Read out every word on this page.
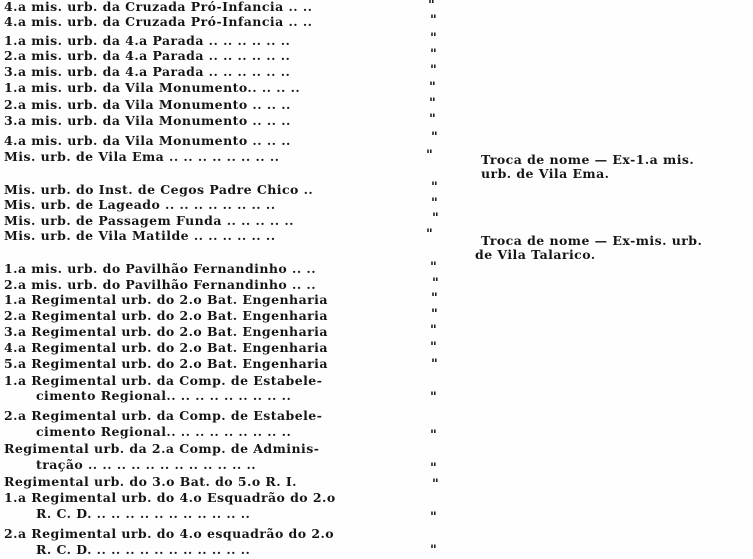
4.a mis. urb. da Cruzada Pró-Infancia .. ..
4.a mis. urb. da Cruzada Pró-Infancia .. ..
1.a mis. urb. da 4.a Parada .. .. .. .. .. ..
2.a mis. urb. da 4.a Parada .. .. .. .. .. ..
3.a mis. urb. da 4.a Parada .. .. .. .. .. ..
1.a mis. urb. da Vila Monumento.. .. .. ..
2.a mis. urb. da Vila Monumento .. .. ..
3.a mis. urb. da Vila Monumento .. .. ..
4.a mis. urb. da Vila Monumento .. .. ..
Mis. urb. de Vila Ema .. .. .. .. .. .. .. ..
Mis. urb. do Inst. de Cegos Padre Chico ..
Mis. urb. de Lageado .. .. .. .. .. .. .. ..
Mis. urb. de Passagem Funda .. .. .. .. ..
Mis. urb. de Vila Matilde .. .. .. .. .. ..
1.a mis. urb. do Pavilhão Fernandinho .. ..
2.a mis. urb. do Pavilhão Fernandinho .. ..
1.a Regimental urb. do 2.o Bat. Engenharia
2.a Regimental urb. do 2.o Bat. Engenharia
3.a Regimental urb. do 2.o Bat. Engenharia
4.a Regimental urb. do 2.o Bat. Engenharia
5.a Regimental urb. do 2.o Bat. Engenharia
1.a Regimental urb. da Comp. de Estabele-
cimento Regional.. .. .. .. .. .. .. .. ..
2.a Regimental urb. da Comp. de Estabele-
cimento Regional.. .. .. .. .. .. .. .. ..
Regimental urb. da 2.a Comp. de Adminis-
tração .. .. .. .. .. .. .. .. .. .. .. ..
Regimental urb. do 3.o Bat. do 5.o R. I.
1.a Regimental urb. do 4.o Esquadrão do 2.o
R. C. D. .. .. .. .. .. .. .. .. .. .. ..
2.a Regimental urb. do 4.o esquadrão do 2.o
R. C. D. .. .. .. .. .. .. .. .. .. .. ..
"
"
"
"
"
"
"
"
"
"
"
"
"
"
"
"
"
"
"
"
"
"
"
"
"
"
"
Troca de nome — Ex-1.a mis.
urb. de Vila Ema.
Troca de nome — Ex-mis. urb.
de Vila Talarico.
